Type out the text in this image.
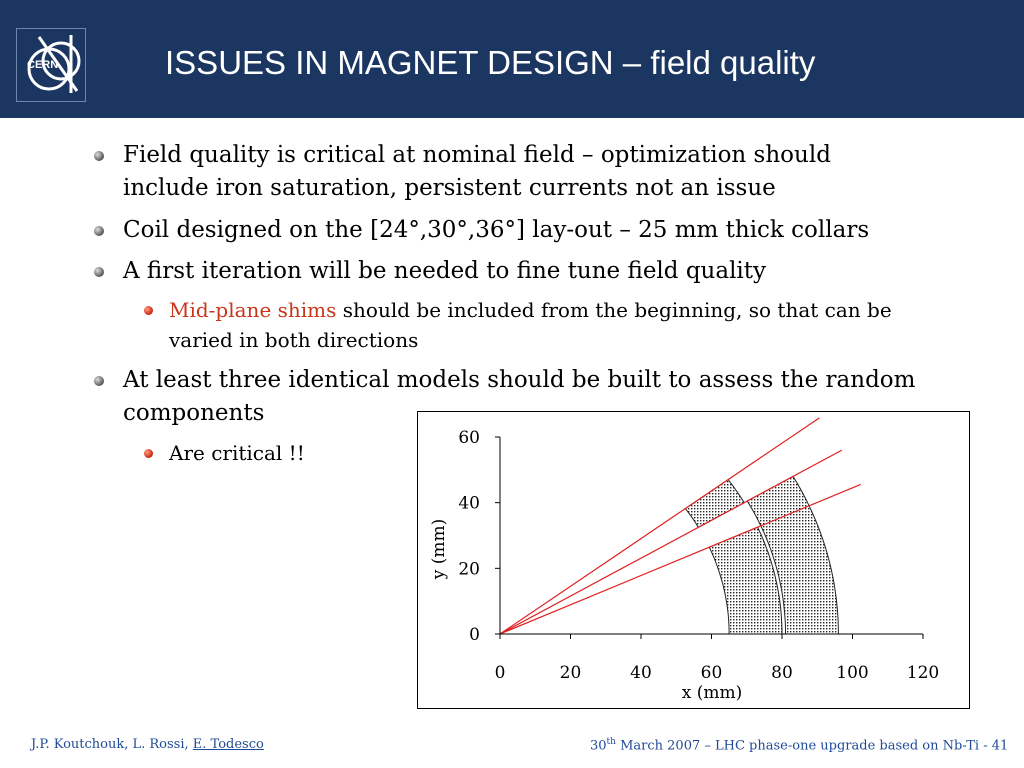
CERN	ISSUES IN MAGNET DESIGN – field quality
Field quality is critical at nominal field – optimization should
include iron saturation, persistent currents not an issue
Coil designed on the [24°,30°,36°] lay-out – 25 mm thick collars
A first iteration will be needed to fine tune field quality
Mid-plane shims should be included from the beginning, so that can be
varied in both directions
At least three identical models should be built to assess the random
components
Are critical !!
0	20	40	60	80	100 120
0
20
40
60
x (mm)
y (mm)
J.P. Koutchouk, L. Rossi, E. Todesco	30th March 2007 – LHC phase-one upgrade based on Nb-Ti - 41
